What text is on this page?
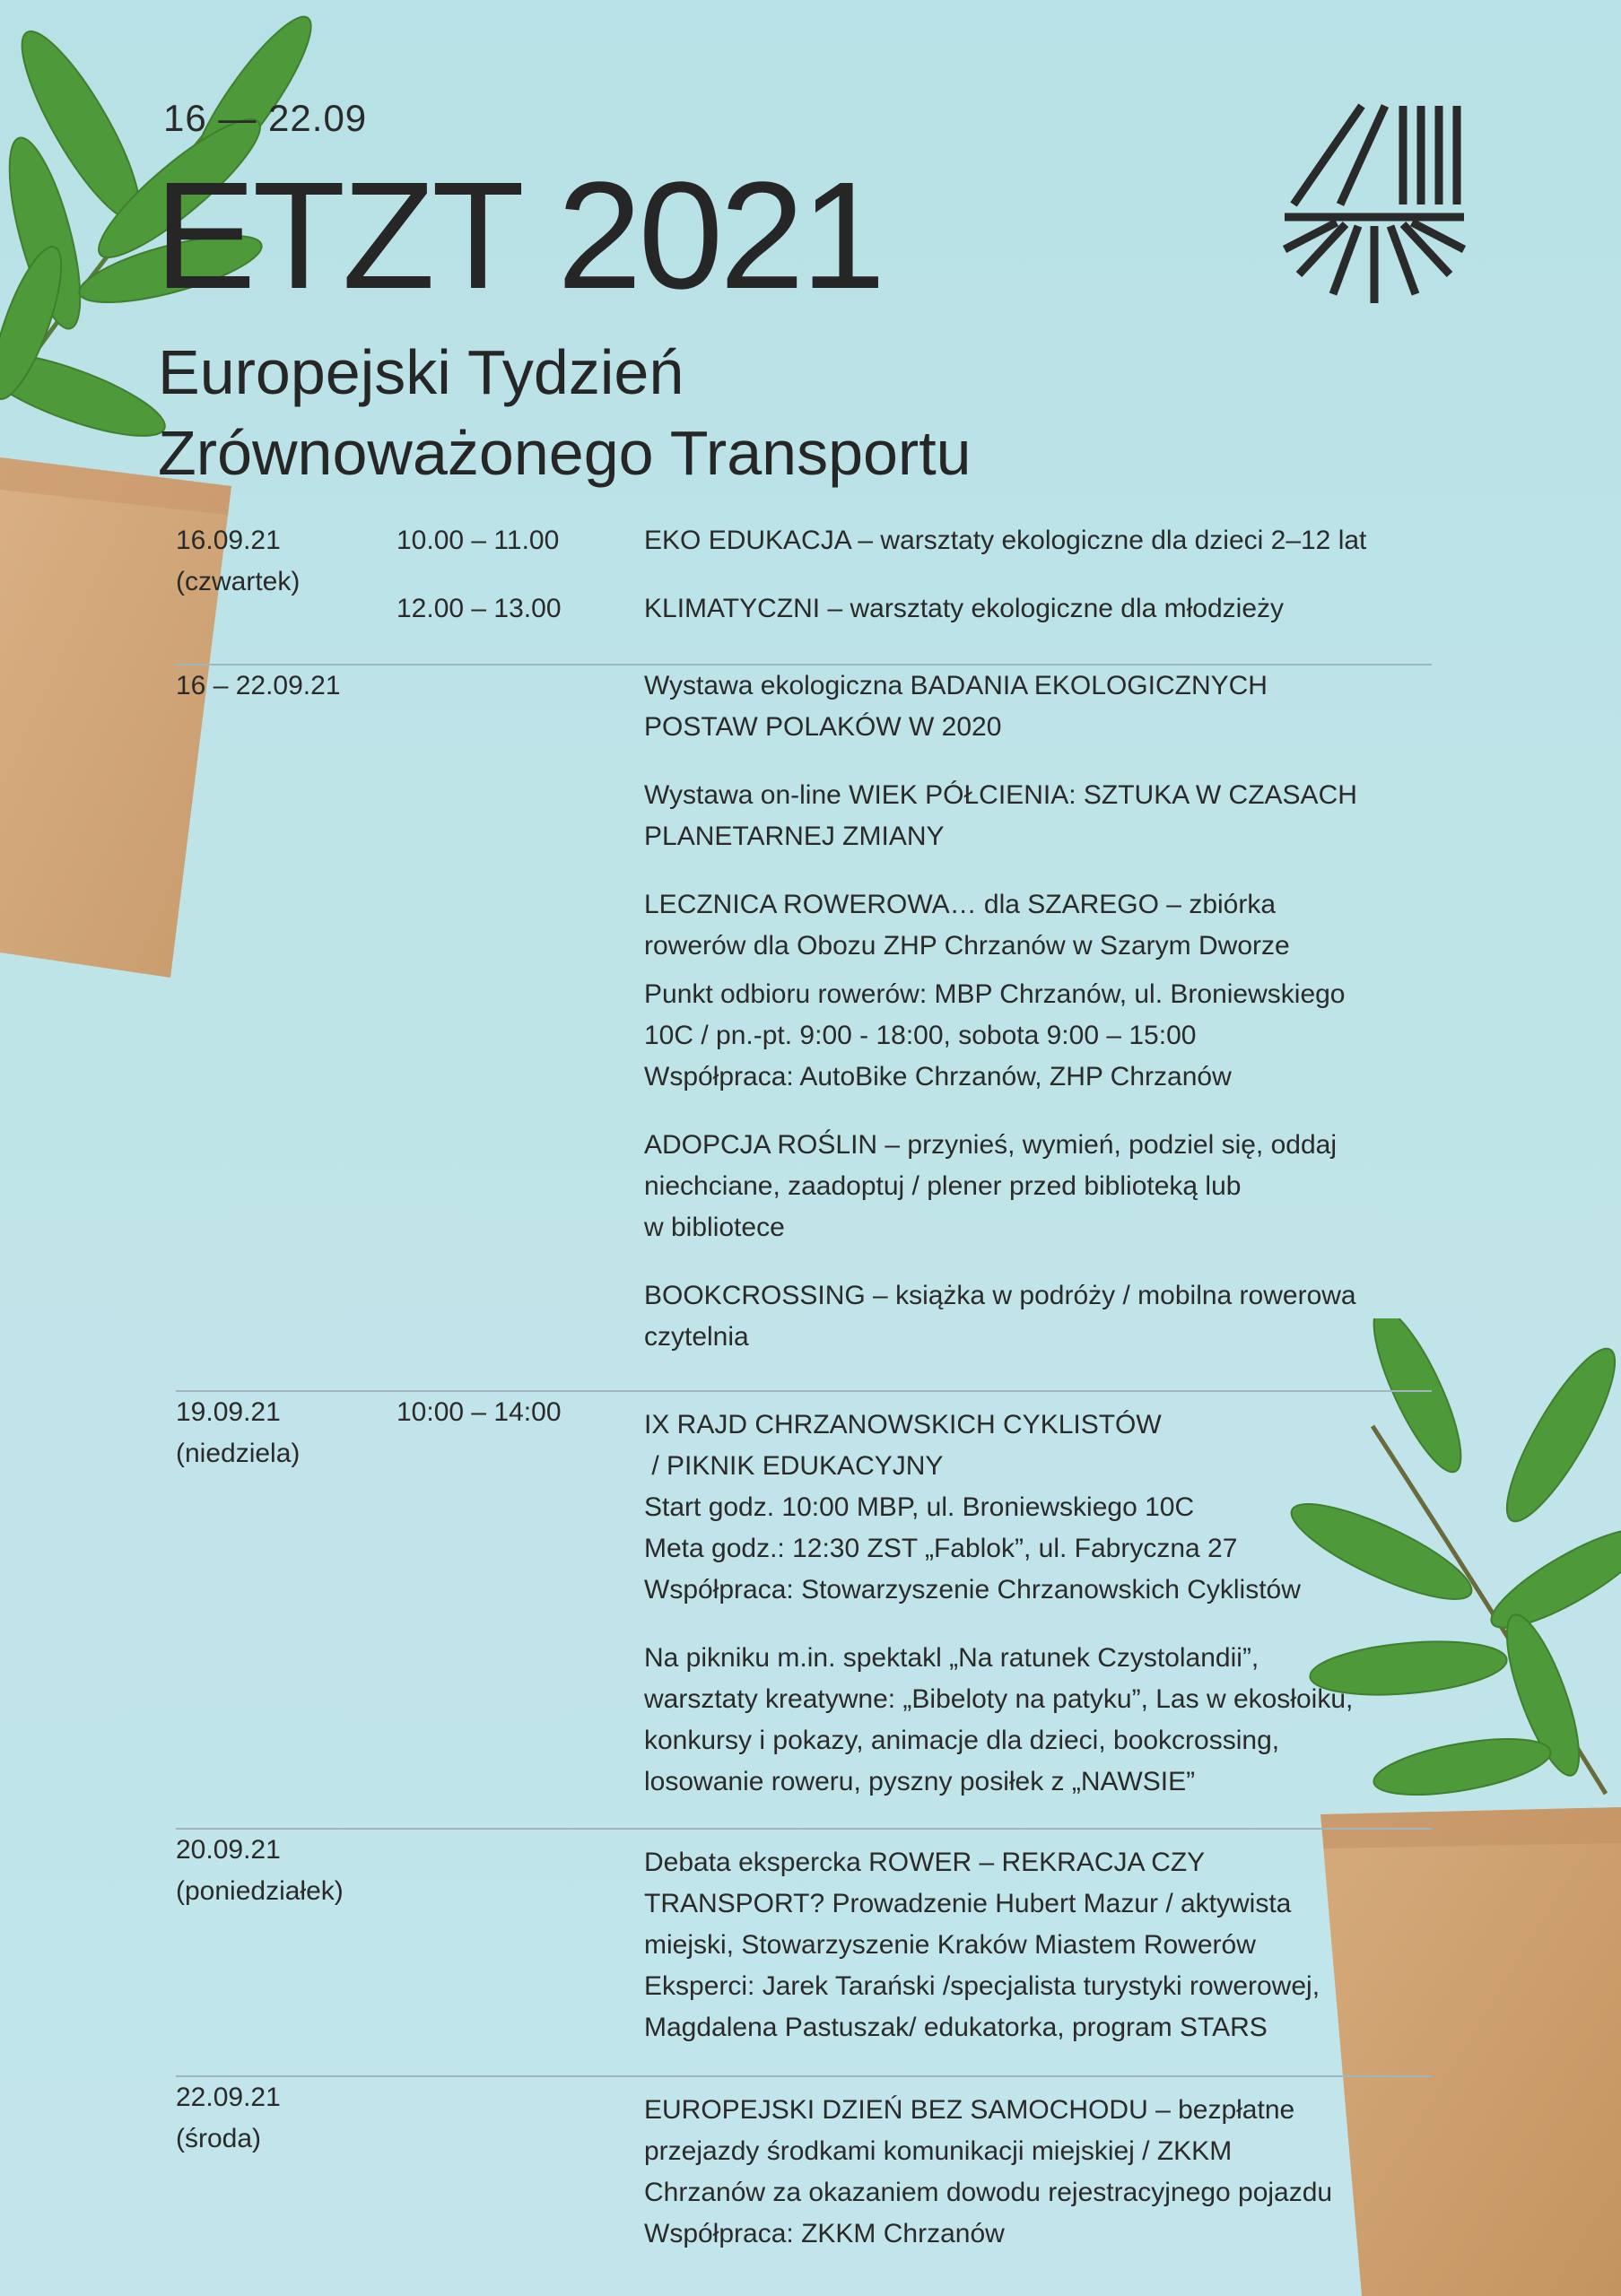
16 — 22.09
ETZT 2021
Europejski Tydzień
Zrównoważonego Transportu

16.09.21

(czwartek)

10.00 – 11.00

12.00 – 13.00

EKO EDUKACJA – warsztaty ekologiczne dla dzieci 2–12 lat

KLIMATYCZNI – warsztaty ekologiczne dla młodzieży

16 – 22.09.21	Wystawa ekologiczna BADANIA EKOLOGICZNYCH

POSTAW POLAKÓW W 2020

Wystawa on-line WIEK PÓŁCIENIA: SZTUKA W CZASACH

PLANETARNEJ ZMIANY

LECZNICA ROWEROWA… dla SZAREGO – zbiórka

rowerów dla Obozu ZHP Chrzanów w Szarym Dworze

Punkt odbioru rowerów: MBP Chrzanów, ul. Broniewskiego

10C / pn.-pt. 9:00 - 18:00, sobota 9:00 – 15:00

Współpraca: AutoBike Chrzanów, ZHP Chrzanów

ADOPCJA ROŚLIN – przynieś, wymień, podziel się, oddaj

niechciane, zaadoptuj / plener przed biblioteką lub

w bibliotece

BOOKCROSSING – książka w podróży / mobilna rowerowa

czytelnia

19.09.21

(niedziela)

10:00 – 14:00	IX RAJD CHRZANOWSKICH CYKLISTÓW

/ PIKNIK EDUKACYJNY

Start godz. 10:00 MBP, ul. Broniewskiego 10C

Meta godz.: 12:30 ZST „Fablok”, ul. Fabryczna 27

Współpraca: Stowarzyszenie Chrzanowskich Cyklistów

Na pikniku m.in. spektakl „Na ratunek Czystolandii”,

warsztaty kreatywne: „Bibeloty na patyku”, Las w ekosłoiku,

konkursy i pokazy, animacje dla dzieci, bookcrossing,

losowanie roweru, pyszny posiłek z „NAWSIE”

20.09.21

(poniedziałek)

Debata ekspercka ROWER – REKRACJA CZY

TRANSPORT? Prowadzenie Hubert Mazur / aktywista

miejski, Stowarzyszenie Kraków Miastem Rowerów

Eksperci: Jarek Tarański /specjalista turystyki rowerowej,

Magdalena Pastuszak/ edukatorka, program STARS

22.09.21

(środa)

EUROPEJSKI DZIEŃ BEZ SAMOCHODU – bezpłatne

przejazdy środkami komunikacji miejskiej / ZKKM

Chrzanów za okazaniem dowodu rejestracyjnego pojazdu

Współpraca: ZKKM Chrzanów
